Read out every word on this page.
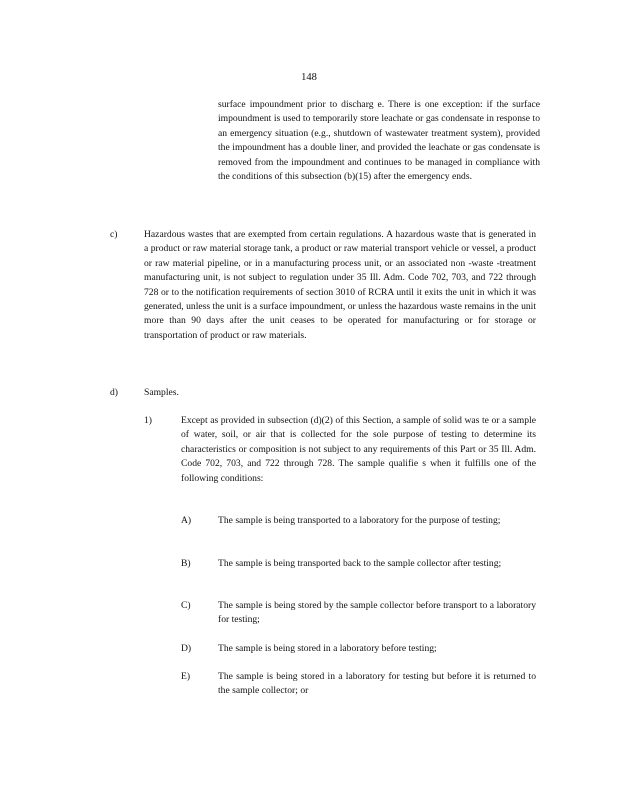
148
surface impoundment prior to discharg e. There is one exception: if the surface impoundment is used to temporarily store leachate or gas condensate in response to an emergency situation (e.g., shutdown of wastewater treatment system), provided the impoundment has a double liner, and provided the leachate or gas condensate is removed from the impoundment and continues to be managed in compliance with the conditions of this subsection (b)(15) after the emergency ends.
c)	Hazardous wastes that are exempted from certain regulations. A hazardous waste that is generated in a product or raw material storage tank, a product or raw material transport vehicle or vessel, a product or raw material pipeline, or in a manufacturing process unit, or an associated non -waste -treatment manufacturing unit, is not subject to regulation under 35 Ill. Adm. Code 702, 703, and 722 through 728 or to the notification requirements of section 3010 of RCRA until it exits the unit in which it was generated, unless the unit is a surface impoundment, or unless the hazardous waste remains in the unit more than 90 days after the unit ceases to be operated for manufacturing or for storage or transportation of product or raw materials.
d)	Samples.
1)	Except as provided in subsection (d)(2) of this Section, a sample of solid was te or a sample of water, soil, or air that is collected for the sole purpose of testing to determine its characteristics or composition is not subject to any requirements of this Part or 35 Ill. Adm. Code 702, 703, and 722 through 728. The sample qualifie s when it fulfills one of the following conditions:
A)	The sample is being transported to a laboratory for the purpose of testing;
B)	The sample is being transported back to the sample collector after testing;
C)	The sample is being stored by the sample collector before transport to a laboratory for testing;
D)	The sample is being stored in a laboratory before testing;
E)	The sample is being stored in a laboratory for testing but before it is returned to the sample collector; or
